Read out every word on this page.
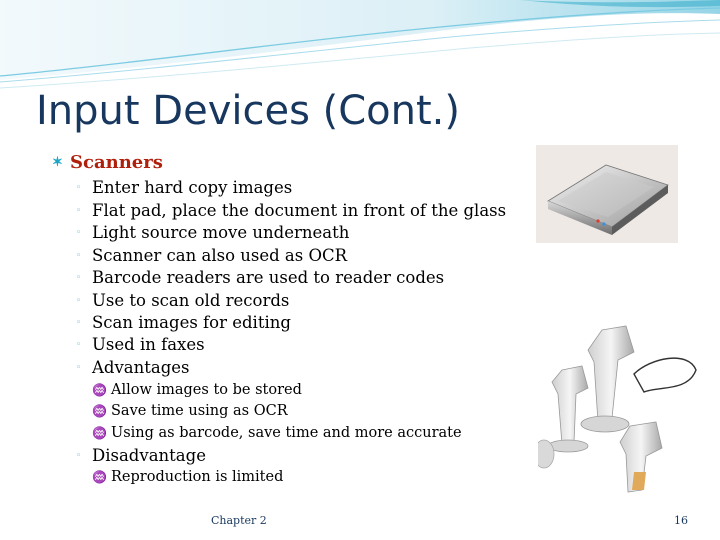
Input Devices (Cont.)
✶ Scanners
◦ Enter hard copy images
◦ Flat pad, place the document in front of the glass
◦ Light source move underneath
◦ Scanner can also used as OCR
◦ Barcode readers are used to reader codes
◦ Use to scan old records
◦ Scan images for editing
◦ Used in faxes
◦ Advantages
♒ Allow images to be stored
♒ Save time using as OCR
♒ Using as barcode, save time and more accurate
◦ Disadvantage
♒ Reproduction is limited
Chapter 2	16
